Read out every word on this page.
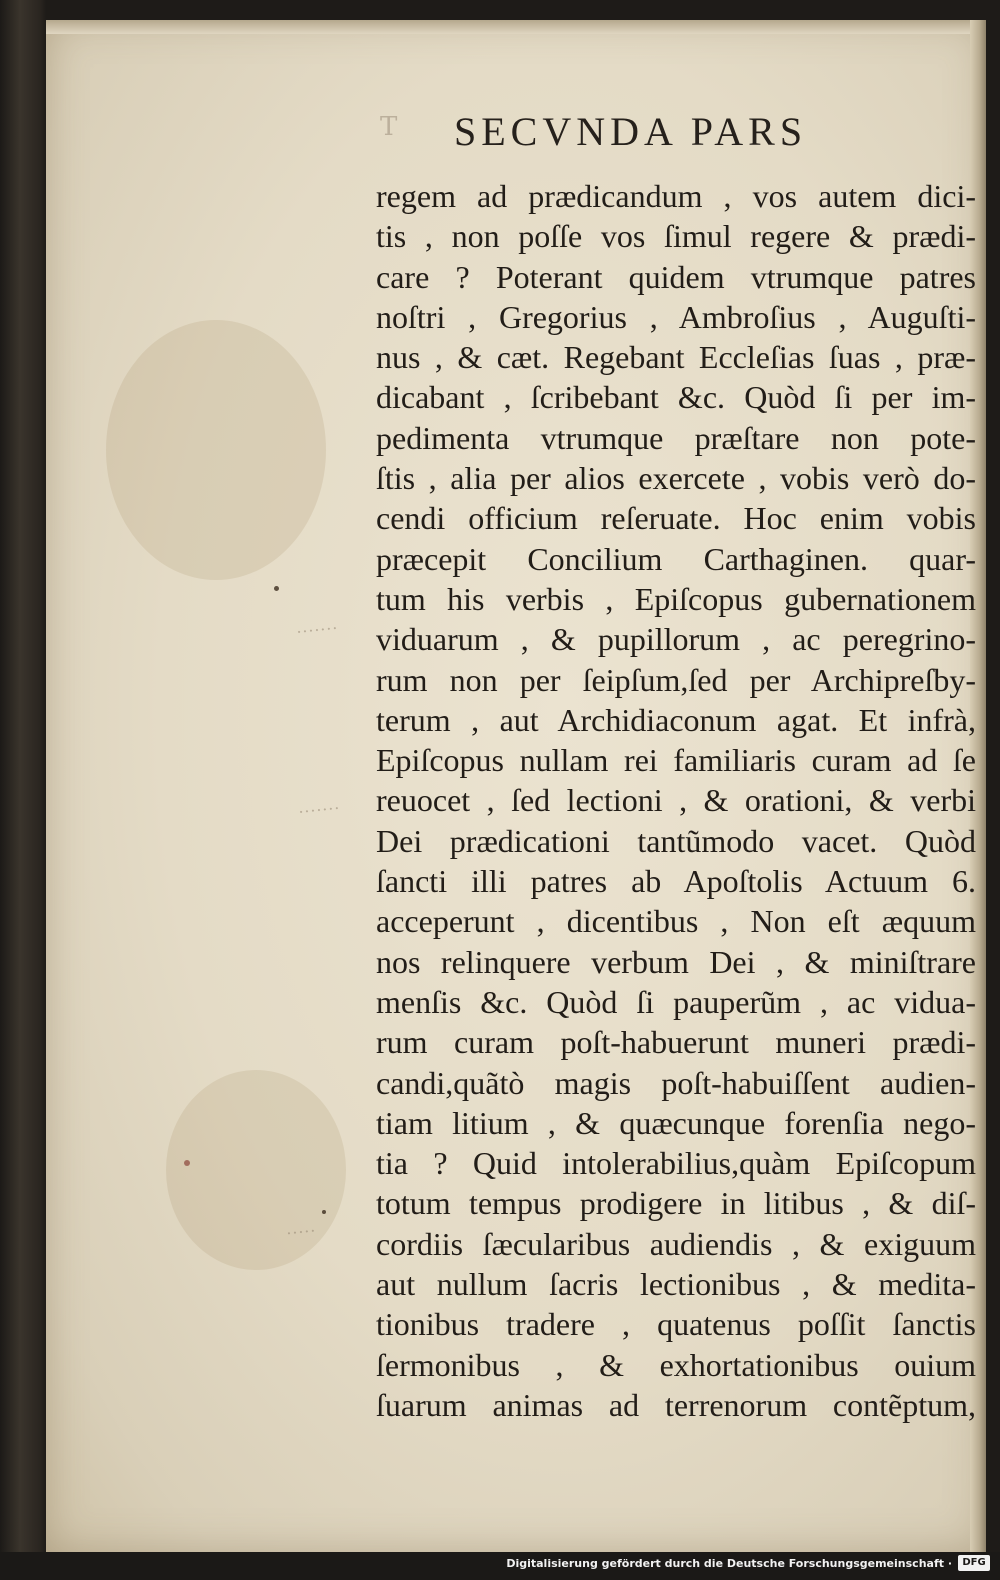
·······
·······
·····
T SECVNDA PARS
regem ad prædicandum , vos autem dici-
tis , non poſſe vos ſimul regere & prædi-
care ? Poterant quidem vtrumque patres
noſtri , Gregorius , Ambroſius , Auguſti-
nus , & cæt. Regebant Eccleſias ſuas , præ-
dicabant , ſcribebant &c. Quòd ſi per im-
pedimenta vtrumque præſtare non pote-
ſtis , alia per alios exercete , vobis verò do-
cendi officium reſeruate. Hoc enim vobis
præcepit Concilium Carthaginen. quar-
tum his verbis , Epiſcopus gubernationem
viduarum , & pupillorum , ac peregrino-
rum non per ſeipſum,ſed per Archipreſby-
terum , aut Archidiaconum agat. Et infrà,
Epiſcopus nullam rei familiaris curam ad ſe
reuocet , ſed lectioni , & orationi, & verbi
Dei prædicationi tantũmodo vacet. Quòd
ſancti illi patres ab Apoſtolis Actuum 6.
acceperunt , dicentibus , Non eſt æquum
nos relinquere verbum Dei , & miniſtrare
menſis &c. Quòd ſi pauperũm , ac vidua-
rum curam poſt-habuerunt muneri prædi-
candi,quãtò magis poſt-habuiſſent audien-
tiam litium , & quæcunque forenſia nego-
tia ? Quid intolerabilius,quàm Epiſcopum
totum tempus prodigere in litibus , & diſ-
cordiis ſæcularibus audiendis , & exiguum
aut nullum ſacris lectionibus , & medita-
tionibus tradere , quatenus poſſit ſanctis
ſermonibus , & exhortationibus ouium
ſuarum animas ad terrenorum contẽptum,
Digitalisierung gefördert durch die Deutsche Forschungsgemeinschaft ·	DFG
